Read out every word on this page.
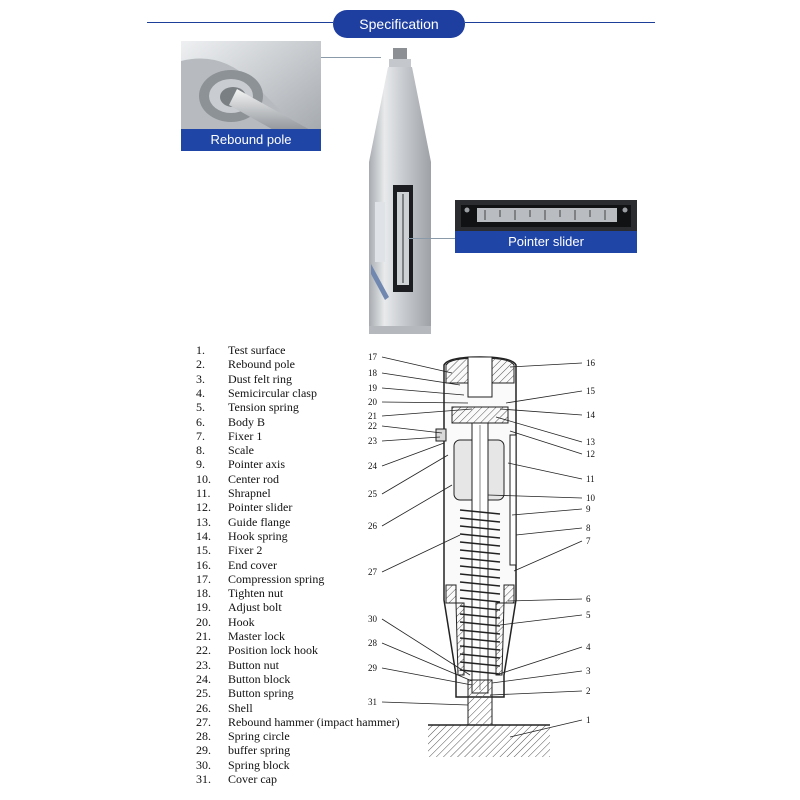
Specification
Rebound pole
Pointer slider
1.	Test surface
2.	Rebound pole
3.	Dust felt ring
4.	Semicircular clasp
5.	Tension spring
6.	Body B
7.	Fixer 1
8.	Scale
9.	Pointer axis
10.	Center rod
11.	Shrapnel
12.	Pointer slider
13.	Guide flange
14.	Hook spring
15.	Fixer 2
16.	End cover
17.	Compression spring
18.	Tighten nut
19.	Adjust bolt
20.	Hook
21.	Master lock
22.	Position lock hook
23.	Button nut
24.	Button block
25.	Button spring
26.	Shell
27.	Rebound hammer (impact hammer)
28.	Spring circle
29.	buffer spring
30.	Spring block
31.	Cover cap
17
18
19
20
21
22
23
24
25
26
27
30
28
29
31
16
15
14
13
12
11
10
9
8
7
6
5
4
3
2
1
